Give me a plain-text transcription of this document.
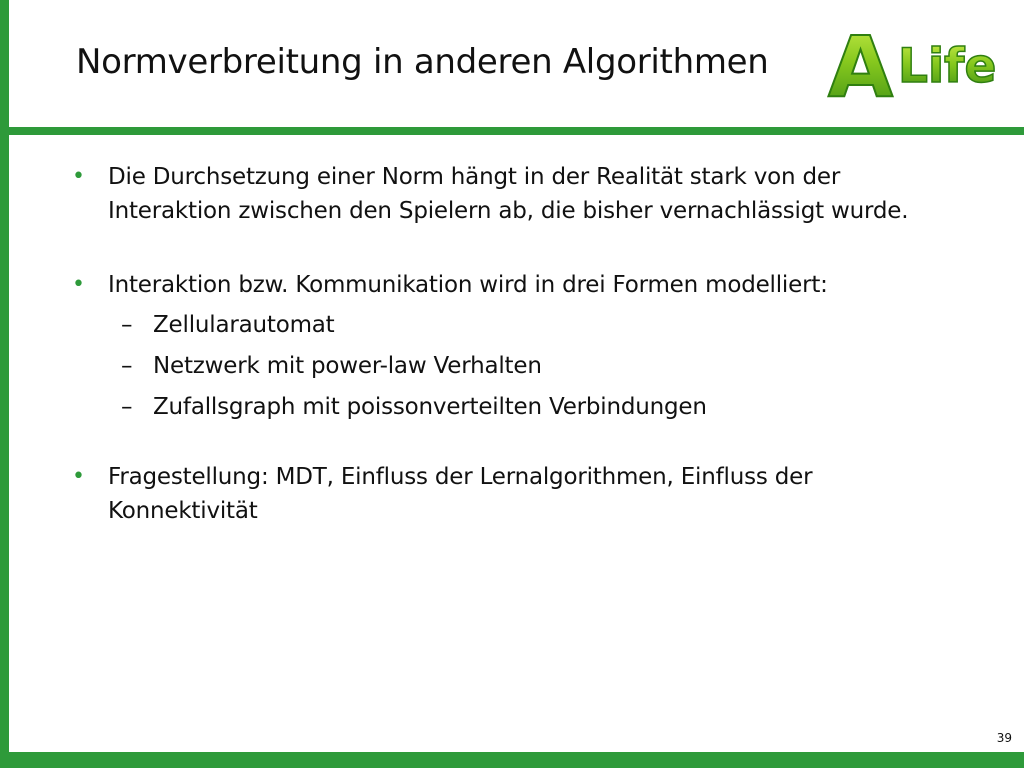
Normverbreitung in anderen Algorithmen A Life
• Die Durchsetzung einer Norm hängt in der Realität stark von der Interaktion zwischen den Spielern ab, die bisher vernachlässigt wurde.
• Interaktion bzw. Kommunikation wird in drei Formen modelliert:
– Zellularautomat
– Netzwerk mit power-law Verhalten
– Zufallsgraph mit poissonverteilten Verbindungen
• Fragestellung: MDT, Einfluss der Lernalgorithmen, Einfluss der Konnektivität
39
